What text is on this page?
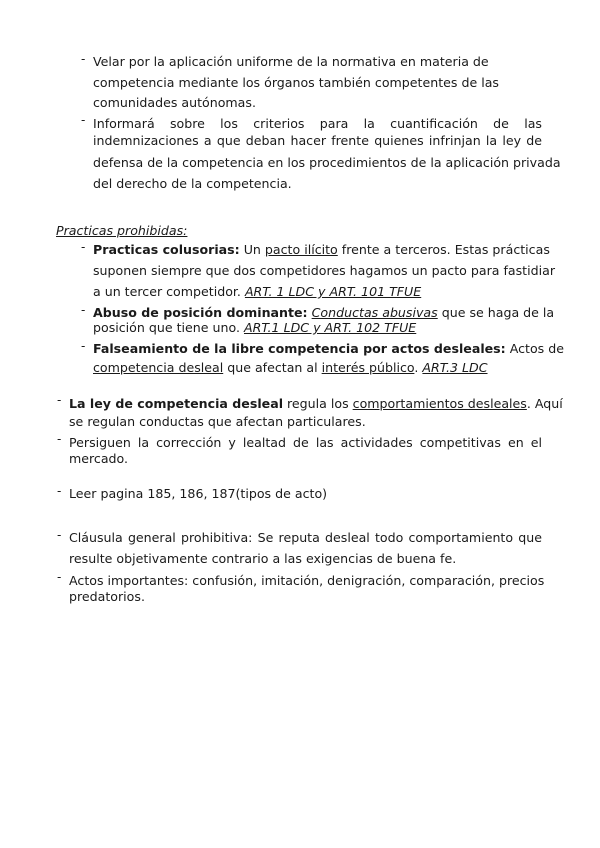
- Velar por la aplicación uniforme de la normativa en materia de

competencia mediante los órganos también competentes de las

comunidades autónomas.

- Informará sobre los criterios para la cuantificación de las

indemnizaciones a que deban hacer frente quienes infrinjan la ley de

defensa de la competencia en los procedimientos de la aplicación privada

del derecho de la competencia.

Practicas prohibidas:

- Practicas colusorias: Un pacto ilícito frente a terceros. Estas prácticas

suponen siempre que dos competidores hagamos un pacto para fastidiar

a un tercer competidor. ART. 1 LDC y ART. 101 TFUE

- Abuso de posición dominante: Conductas abusivas que se haga de la

posición que tiene uno. ART.1 LDC y ART. 102 TFUE

- Falseamiento de la libre competencia por actos desleales: Actos de

competencia desleal que afectan al interés público. ART.3 LDC

- La ley de competencia desleal regula los comportamientos desleales. Aquí

se regulan conductas que afectan particulares.

- Persiguen la corrección y lealtad de las actividades competitivas en el

mercado.

- Leer pagina 185, 186, 187(tipos de acto)

- Cláusula general prohibitiva: Se reputa desleal todo comportamiento que

resulte objetivamente contrario a las exigencias de buena fe.

- Actos importantes: confusión, imitación, denigración, comparación, precios

predatorios.
